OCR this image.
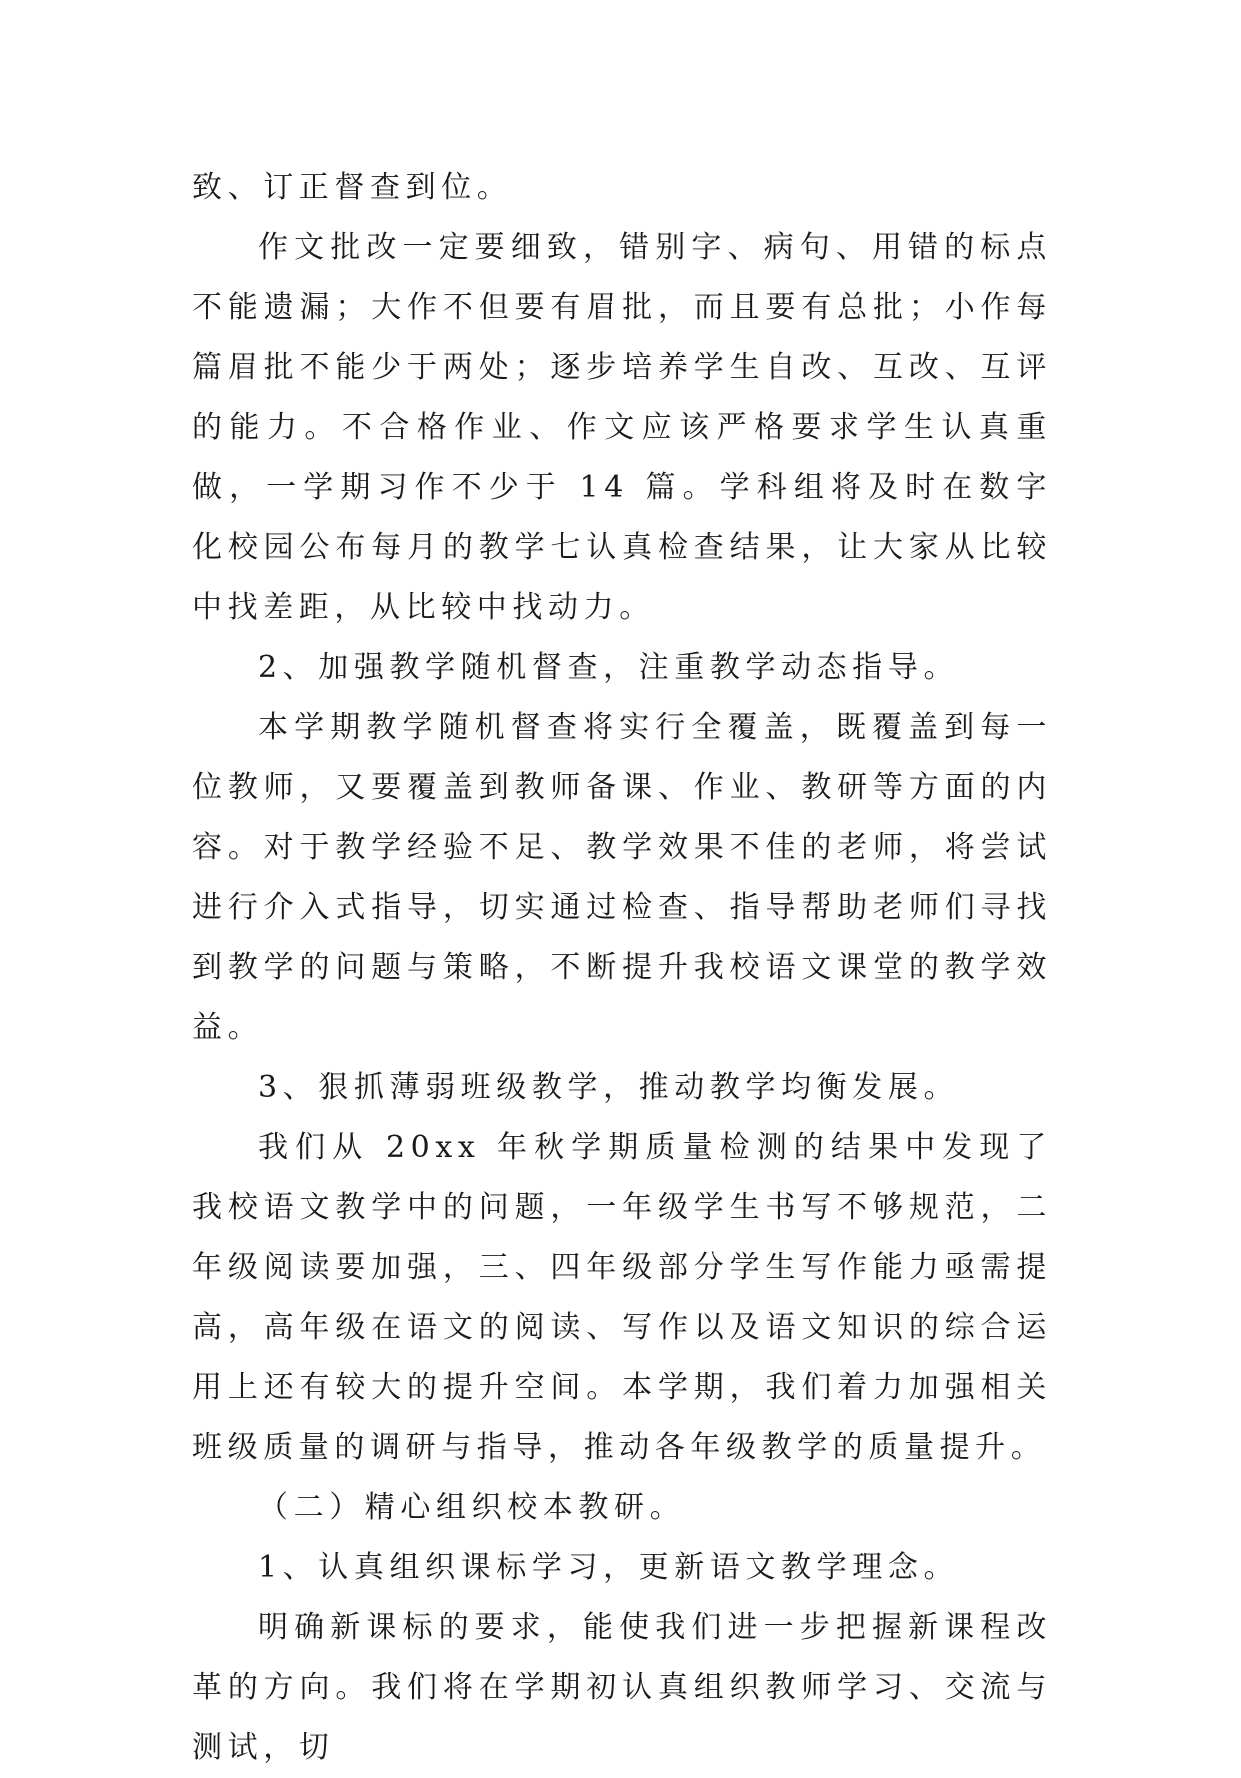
致、订正督查到位。

作文批改一定要细致，错别字、病句、用错的标点不能遗漏；大作不但要有眉批，而且要有总批；小作每篇眉批不能少于两处；逐步培养学生自改、互改、互评的能力。不合格作业、作文应该严格要求学生认真重做，一学期习作不少于 14 篇。学科组将及时在数字化校园公布每月的教学七认真检查结果，让大家从比较中找差距，从比较中找动力。

2、加强教学随机督查，注重教学动态指导。

本学期教学随机督查将实行全覆盖，既覆盖到每一位教师，又要覆盖到教师备课、作业、教研等方面的内容。对于教学经验不足、教学效果不佳的老师，将尝试进行介入式指导，切实通过检查、指导帮助老师们寻找到教学的问题与策略，不断提升我校语文课堂的教学效益。

3、狠抓薄弱班级教学，推动教学均衡发展。

我们从 20xx 年秋学期质量检测的结果中发现了我校语文教学中的问题，一年级学生书写不够规范，二年级阅读要加强，三、四年级部分学生写作能力亟需提高，高年级在语文的阅读、写作以及语文知识的综合运用上还有较大的提升空间。本学期，我们着力加强相关班级质量的调研与指导，推动各年级教学的质量提升。

（二）精心组织校本教研。

1、认真组织课标学习，更新语文教学理念。

明确新课标的要求，能使我们进一步把握新课程改革的方向。我们将在学期初认真组织教师学习、交流与测试，切
